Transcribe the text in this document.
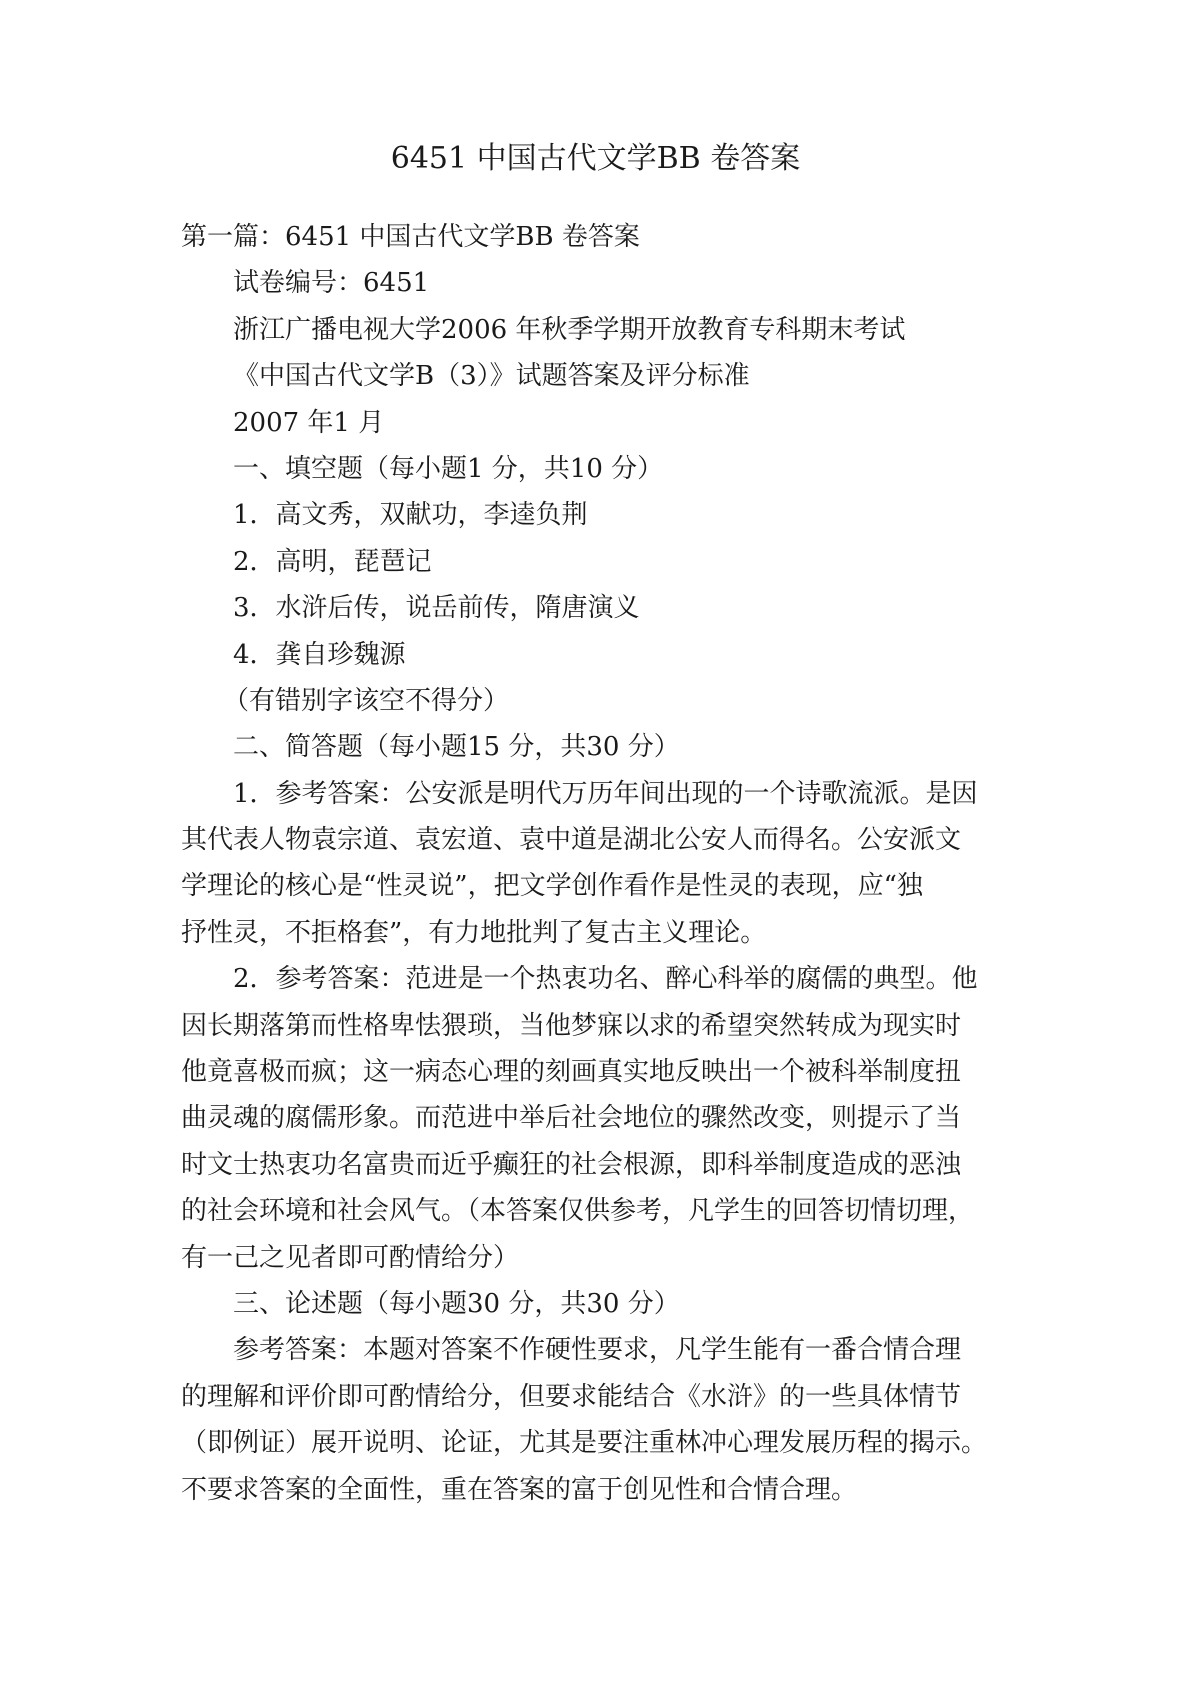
6451 中国古代文学BB 卷答案
第一篇：6451 中国古代文学BB 卷答案
试卷编号：6451
浙江广播电视大学2006 年秋季学期开放教育专科期末考试
《中国古代文学B（3）》试题答案及评分标准
2007 年1 月
一、填空题（每小题1 分，共10 分）
1．高文秀，双献功，李逵负荆
2．高明，琵琶记
3．水浒后传，说岳前传，隋唐演义
4．龚自珍魏源
（有错别字该空不得分）
二、简答题（每小题15 分，共30 分）
1．参考答案：公安派是明代万历年间出现的一个诗歌流派。是因
其代表人物袁宗道、袁宏道、袁中道是湖北公安人而得名。公安派文
学理论的核心是“性灵说”，把文学创作看作是性灵的表现，应“独
抒性灵，不拒格套”，有力地批判了复古主义理论。
2．参考答案：范进是一个热衷功名、醉心科举的腐儒的典型。他
因长期落第而性格卑怯猥琐，当他梦寐以求的希望突然转成为现实时
他竟喜极而疯；这一病态心理的刻画真实地反映出一个被科举制度扭
曲灵魂的腐儒形象。而范进中举后社会地位的骤然改变，则提示了当
时文士热衷功名富贵而近乎癫狂的社会根源，即科举制度造成的恶浊
的社会环境和社会风气。（本答案仅供参考，凡学生的回答切情切理，
有一己之见者即可酌情给分）
三、论述题（每小题30 分，共30 分）
参考答案：本题对答案不作硬性要求，凡学生能有一番合情合理
的理解和评价即可酌情给分，但要求能结合《水浒》的一些具体情节
（即例证）展开说明、论证，尤其是要注重林冲心理发展历程的揭示。
不要求答案的全面性，重在答案的富于创见性和合情合理。
